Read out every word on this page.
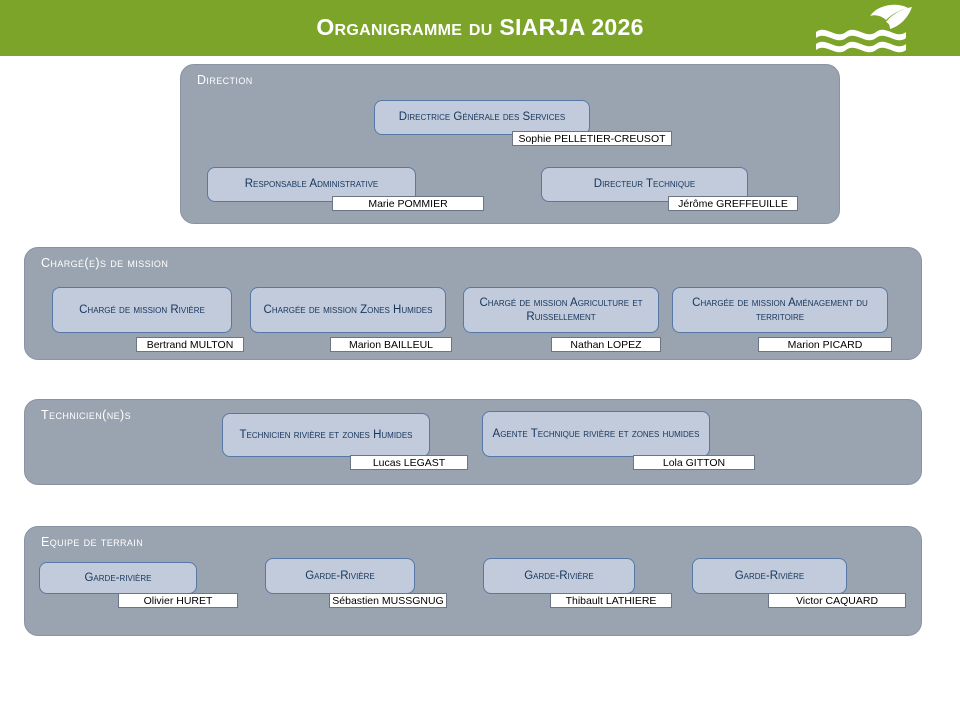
Organigramme du SIARJA 2026
Direction
Directrice Générale des Services
Sophie PELLETIER-CREUSOT
Responsable Administrative
Marie POMMIER
Directeur Technique
Jérôme GREFFEUILLE
Chargé(e)s de mission
Chargé de mission Rivière
Bertrand MULTON
Chargée de mission Zones Humides
Marion BAILLEUL
Chargé de mission Agriculture et Ruissellement
Nathan LOPEZ
Chargée de mission Aménagement du territoire
Marion PICARD
Technicien(ne)s
Technicien rivière et zones Humides
Lucas LEGAST
Agente Technique rivière et zones humides
Lola GITTON
Equipe de terrain
Garde-rivière
Olivier HURET
Garde-Rivière
Sébastien MUSSGNUG
Garde-Rivière
Thibault LATHIERE
Garde-Rivière
Victor CAQUARD
